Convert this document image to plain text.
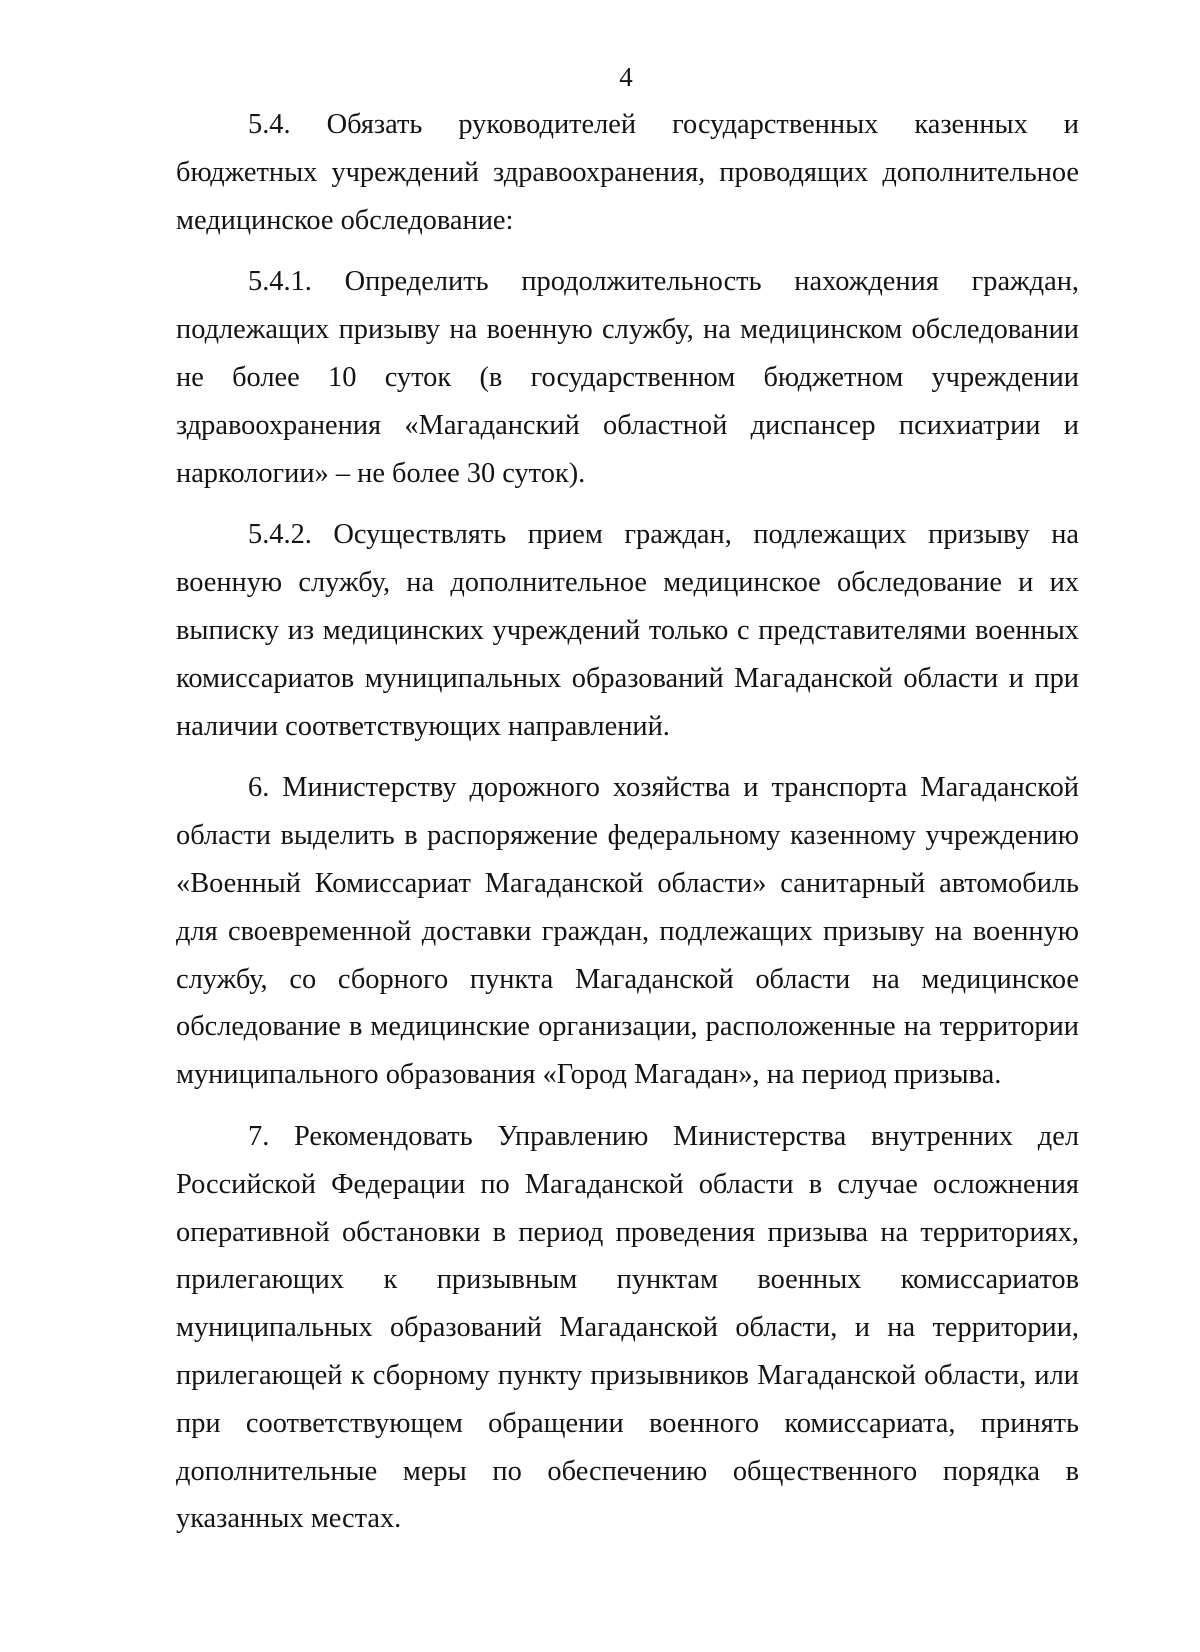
4

5.4. Обязать руководителей государственных казенных и бюджетных учреждений здравоохранения, проводящих дополнительное медицинское обследование:

5.4.1. Определить продолжительность нахождения граждан, подлежащих призыву на военную службу, на медицинском обследовании не более 10 суток (в государственном бюджетном учреждении здравоохранения «Магаданский областной диспансер психиатрии и наркологии» – не более 30 суток).

5.4.2. Осуществлять прием граждан, подлежащих призыву на военную службу, на дополнительное медицинское обследование и их выписку из медицинских учреждений только с представителями военных комиссариатов муниципальных образований Магаданской области и при наличии соответствующих направлений.

6. Министерству дорожного хозяйства и транспорта Магаданской области выделить в распоряжение федеральному казенному учреждению «Военный Комиссариат Магаданской области» санитарный автомобиль для своевременной доставки граждан, подлежащих призыву на военную службу, со сборного пункта Магаданской области на медицинское обследование в медицинские организации, расположенные на территории муниципального образования «Город Магадан», на период призыва.

7. Рекомендовать Управлению Министерства внутренних дел Российской Федерации по Магаданской области в случае осложнения оперативной обстановки в период проведения призыва на территориях, прилегающих к призывным пунктам военных комиссариатов муниципальных образований Магаданской области, и на территории, прилегающей к сборному пункту призывников Магаданской области, или при соответствующем обращении военного комиссариата, принять дополнительные меры по обеспечению общественного порядка в указанных местах.
